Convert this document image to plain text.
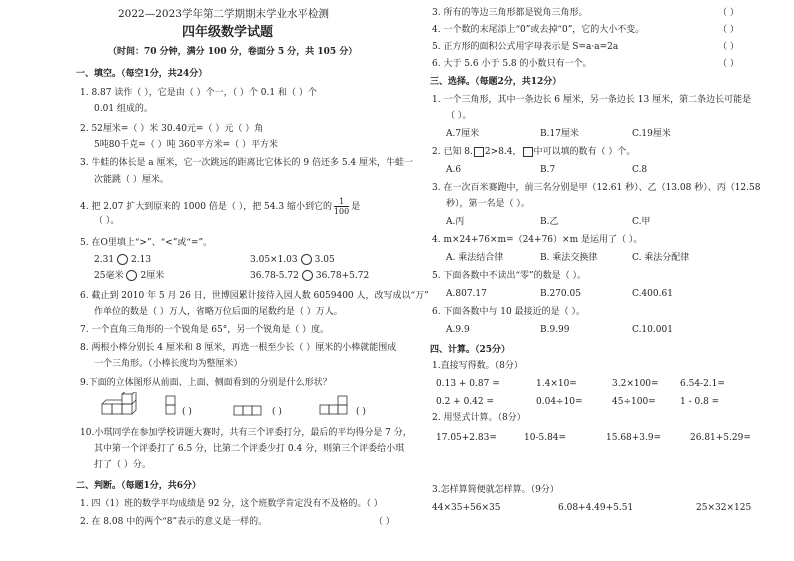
2022—2023学年第二学期期末学业水平检测
四年级数学试题
（时间：70 分钟，满分 100 分，卷面分 5 分，共 105 分）
一、填空。（每空1分，共24分）
1. 8.87 读作（ ），它是由（ ）个一，（ ）个 0.1 和（ ）个
0.01 组成的。
2. 52厘米=（ ）米 30.40元=（ ）元（ ）角
5吨80千克=（ ）吨 360平方米=（ ）平方米
3. 牛蛙的体长是 a 厘米，它一次跳远的距离比它体长的 9 倍还多 5.4 厘米，牛蛙一
次能跳（ ）厘米。
4. 把 2.07 扩大到原来的 1000 倍是（ ），把 54.3 缩小到它的 $\frac{1}{100}$ 是
（ ）。
5. 在O里填上“>”、“<”或“=”。
2.31 2.13	3.05×1.03 3.05
25毫米 2厘米	36.78-5.72 36.78+5.72
6. 截止到 2010 年 5 月 26 日，世博园累计接待入园人数 6059400 人，改写成以“万”
作单位的数是（ ）万人，省略万位后面的尾数约是（ ）万人。
7. 一个直角三角形的一个锐角是 65°，另一个锐角是（ ）度。
8. 两根小棒分别长 4 厘米和 8 厘米，再选一根至少长（ ）厘米的小棒就能围成
一个三角形。（小棒长度均为整厘米）
9.下面的立体图形从前面、上面、侧面看到的分别是什么形状？
( )	( )	( )
10.小琪同学在参加学校讲题大赛时，共有三个评委打分，最后的平均得分是 7 分，
其中第一个评委打了 6.5 分，比第二个评委少打 0.4 分，则第三个评委给小琪
打了（ ）分。
二、判断。（每题1分，共6分）
1. 四（1）班的数学平均成绩是 92 分，这个班数学肯定没有不及格的。（ ）
2. 在 8.08 中的两个“8”表示的意义是一样的。	（ ）
3. 所有的等边三角形都是锐角三角形。	（ ）
4. 一个数的末尾添上“0”或去掉“0”，它的大小不变。	（ ）
5. 正方形的面积公式用字母表示是 S=a·a=2a	（ ）
6. 大于 5.6 小于 5.8 的小数只有一个。	（ ）
三、选择。（每题2分，共12分）
1. 一个三角形，其中一条边长 6 厘米，另一条边长 13 厘米，第二条边长可能是
（ ）。
A.7厘米	B.17厘米	C.19厘米
2. 已知 8. 2>8.4， 中可以填的数有（ ）个。
A.6	B.7	C.8
3. 在一次百米赛跑中，前三名分别是甲（12.61 秒）、乙（13.08 秒）、丙（12.58
秒），第一名是（ ）。
A.丙	B.乙	C.甲
4. m×24+76×m=（24+76）×m 是运用了（ ）。
A. 乘法结合律	B. 乘法交换律	C. 乘法分配律
5. 下面各数中不读出“零”的数是（ ）。
A.807.17	B.270.05	C.400.61
6. 下面各数中与 10 最接近的是（ ）。
A.9.9	B.9.99	C.10.001
四、计算。（25分）
1.直接写得数。（8分）
0.13 + 0.87 =	1.4×10=	3.2×100= 6.54-2.1=
0.2 + 0.42 =	0.04÷10=	45÷100=	1 - 0.8 =
2. 用竖式计算。（8分）
17.05+2.83=	10-5.84=	15.68+3.9=	26.81+5.29=
3.怎样算简便就怎样算。（9分）
44×35+56×35	6.08+4.49+5.51	25×32×125
